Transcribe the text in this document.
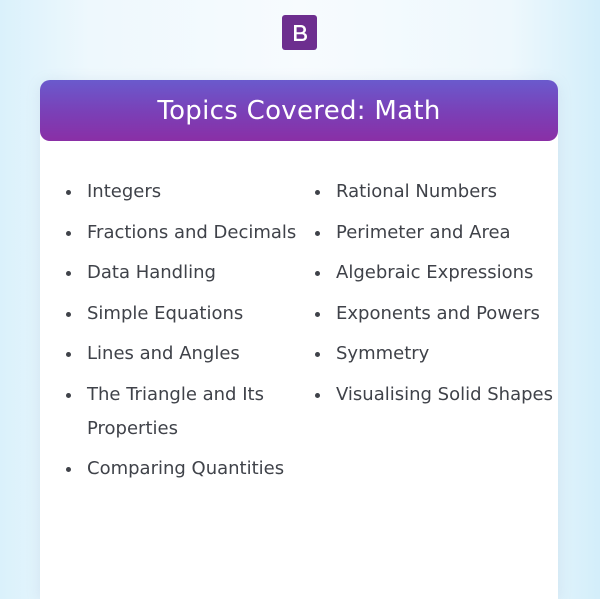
Topics Covered: Math
Integers
Fractions and Decimals
Data Handling
Simple Equations
Lines and Angles
The Triangle and Its Properties
Comparing Quantities
Rational Numbers
Perimeter and Area
Algebraic Expressions
Exponents and Powers
Symmetry
Visualising Solid Shapes
